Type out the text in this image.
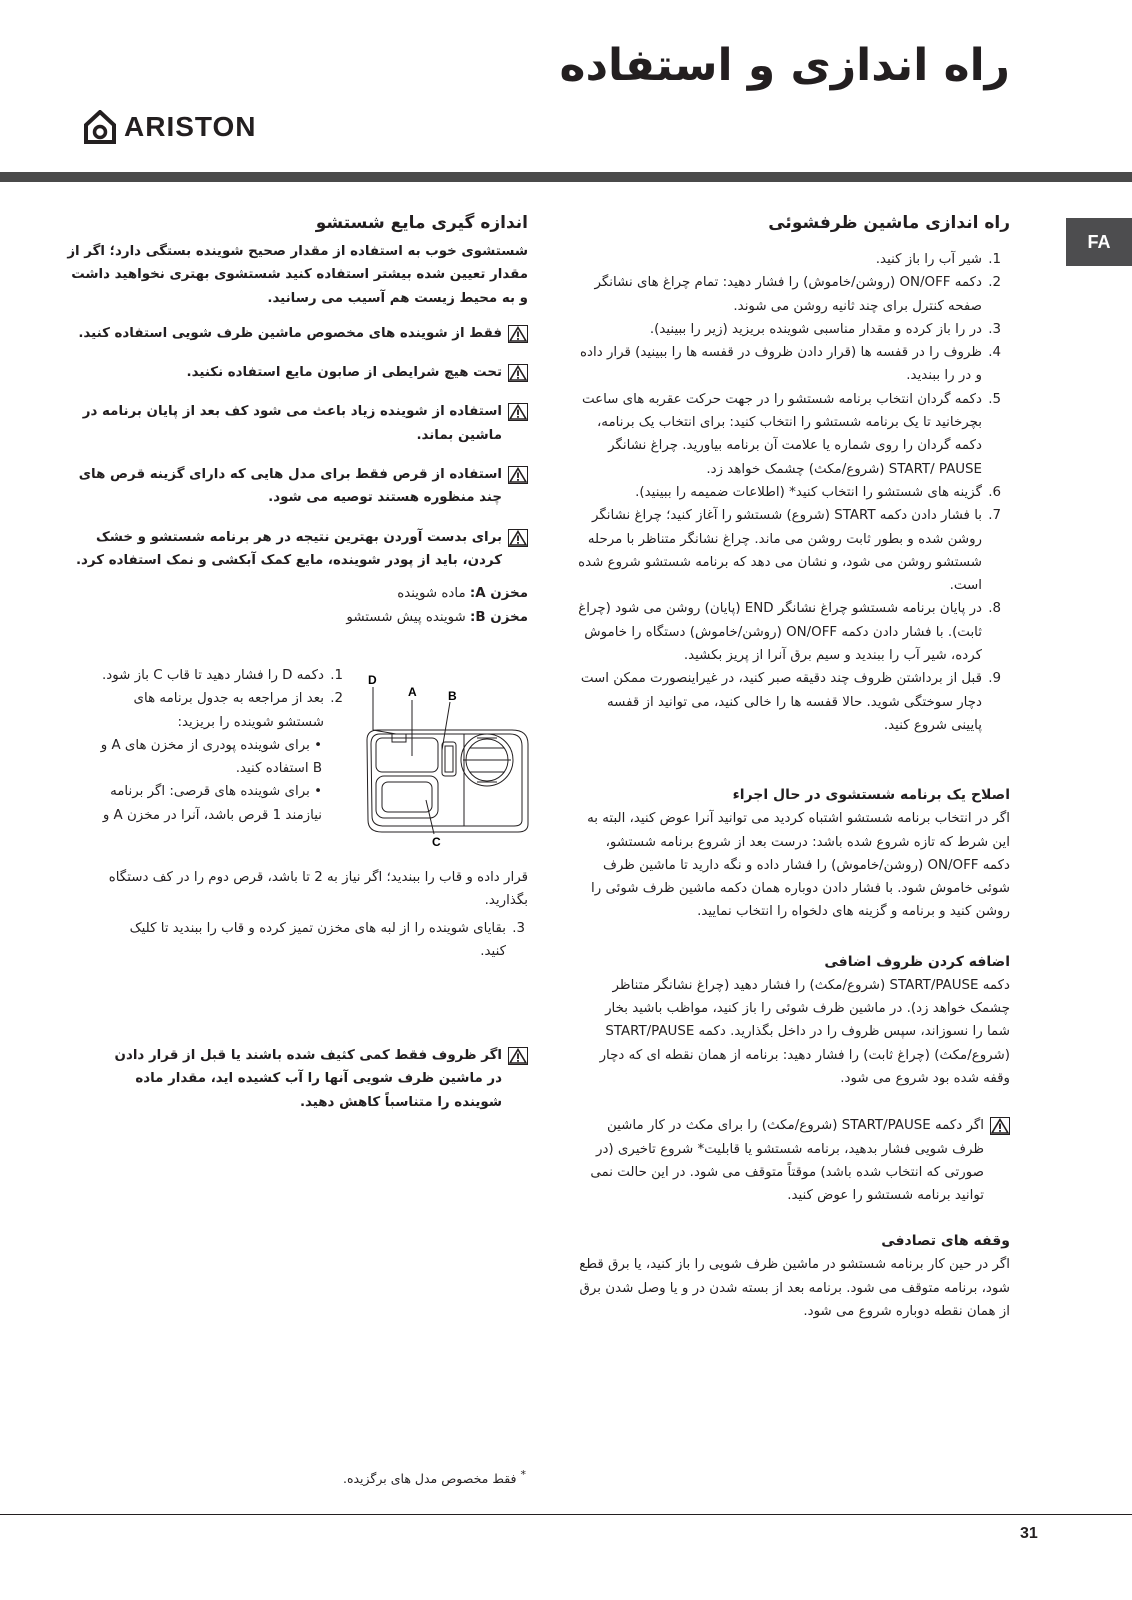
راه اندازی و استفاده
ARISTON
FA
راه اندازی ماشین ظرفشوئی
1. شیر آب را باز کنید.
2. دکمه ON/OFF (روشن/خاموش) را فشار دهید: تمام چراغ های نشانگر صفحه کنترل برای چند ثانیه روشن می شوند.
3. در را باز کرده و مقدار مناسبی شوینده بریزید (زیر را ببینید).
4. ظروف را در قفسه ها (قرار دادن ظروف در قفسه ها را ببینید) قرار داده و در را ببندید.
5. دکمه گردان انتخاب برنامه شستشو را در جهت حرکت عقربه های ساعت بچرخانید تا یک برنامه شستشو را انتخاب کنید: برای انتخاب یک برنامه، دکمه گردان را روی شماره یا علامت آن برنامه بیاورید. چراغ نشانگر START/ PAUSE (شروع/مکث) چشمک خواهد زد.
6. گزینه های شستشو را انتخاب کنید* (اطلاعات ضمیمه را ببینید).
7. با فشار دادن دکمه START (شروع) شستشو را آغاز کنید؛ چراغ نشانگر روشن شده و بطور ثابت روشن می ماند. چراغ نشانگر متناظر با مرحله شستشو روشن می شود، و نشان می دهد که برنامه شستشو شروع شده است.
8. در پایان برنامه شستشو چراغ نشانگر END (پایان) روشن می شود (چراغ ثابت). با فشار دادن دکمه ON/OFF (روشن/خاموش) دستگاه را خاموش کرده، شیر آب را ببندید و سیم برق آنرا از پریز بکشید.
9. قبل از برداشتن ظروف چند دقیقه صبر کنید، در غیراینصورت ممکن است دچار سوختگی شوید. حالا قفسه ها را خالی کنید، می توانید از قفسه پایینی شروع کنید.
اصلاح یک برنامه شستشوی در حال اجراء

اگر در انتخاب برنامه شستشو اشتباه کردید می توانید آنرا عوض کنید، البته به این شرط که تازه شروع شده باشد: درست بعد از شروع برنامه شستشو، دکمه ON/OFF (روشن/خاموش) را فشار داده و نگه دارید تا ماشین ظرف شوئی خاموش شود. با فشار دادن دوباره همان دکمه ماشین ظرف شوئی را روشن کنید و برنامه و گزینه های دلخواه را انتخاب نمایید.

اضافه کردن ظروف اضافی

دکمه START/PAUSE (شروع/مکث) را فشار دهید (چراغ نشانگر متناظر چشمک خواهد زد). در ماشین ظرف شوئی را باز کنید، مواظب باشید بخار شما را نسوزاند، سپس ظروف را در داخل بگذارید. دکمه START/PAUSE (شروع/مکث) (چراغ ثابت) را فشار دهید: برنامه از همان نقطه ای که دچار وقفه شده بود شروع می شود.

اگر دکمه START/PAUSE (شروع/مکث) را برای مکث در کار ماشین ظرف شویی فشار بدهید، برنامه شستشو یا قابلیت* شروع تاخیری (در صورتی که انتخاب شده باشد) موقتاً متوقف می شود. در این حالت نمی توانید برنامه شستشو را عوض کنید.

وقفه های تصادفی

اگر در حین کار برنامه شستشو در ماشین ظرف شویی را باز کنید، یا برق قطع شود، برنامه متوقف می شود. برنامه بعد از بسته شدن در و یا وصل شدن برق از همان نقطه دوباره شروع می شود.

اندازه گیری مایع شستشو

شستشوی خوب به استفاده از مقدار صحیح شوینده بستگی دارد؛ اگر از مقدار تعیین شده بیشتر استفاده کنید شستشوی بهتری نخواهید داشت و به محیط زیست هم آسیب می رسانید.

فقط از شوینده های مخصوص ماشین ظرف شویی استفاده کنید.

تحت هیچ شرایطی از صابون مایع استفاده نکنید.

استفاده از شوینده زیاد باعث می شود کف بعد از پایان برنامه در ماشین بماند.

استفاده از قرص فقط برای مدل هایی که دارای گزینه قرص های چند منظوره هستند توصیه می شود.

برای بدست آوردن بهترین نتیجه در هر برنامه شستشو و خشک کردن، باید از پودر شوینده، مایع کمک آبکشی و نمک استفاده کرد.

مخزن A: ماده شوینده

مخزن B: شوینده پیش شستشو

D
A	B
C
1. دکمه D را فشار دهید تا قاب C باز شود.
2. بعد از مراجعه به جدول برنامه های شستشو شوینده را بریزید:
• برای شوینده پودری از مخزن های A و B استفاده کنید.
• برای شوینده های قرصی: اگر برنامه نیازمند 1 قرص باشد، آنرا در مخزن A و

قرار داده و قاب را ببندید؛ اگر نیاز به 2 تا باشد، قرص دوم را در کف دستگاه بگذارید.

3. بقایای شوینده را از لبه های مخزن تمیز کرده و قاب را ببندید تا کلیک کنید.

اگر ظروف فقط کمی کثیف شده باشند یا قبل از قرار دادن در ماشین ظرف شویی آنها را آب کشیده اید، مقدار ماده شوینده را متناسباً کاهش دهید.

* فقط مخصوص مدل های برگزیده.
31
